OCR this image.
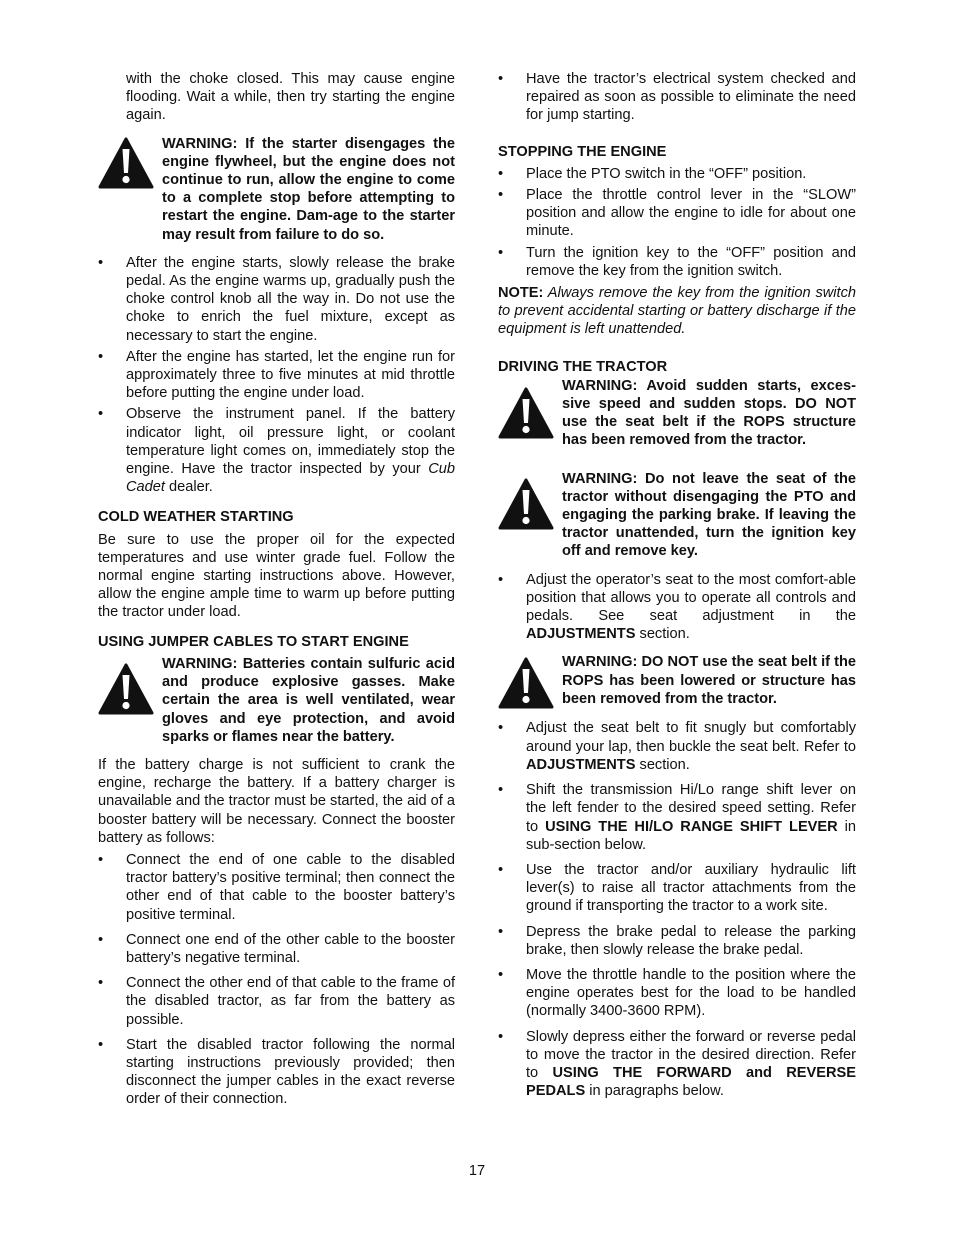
with the choke closed. This may cause engine flooding. Wait a while, then try starting the engine again.

WARNING: If the starter disengages the engine flywheel, but the engine does not continue to run, allow the engine to come to a complete stop before attempting to restart the engine. Dam-age to the starter may result from failure to do so.
• After the engine starts, slowly release the brake pedal. As the engine warms up, gradually push the choke control knob all the way in. Do not use the choke to enrich the fuel mixture, except as necessary to start the engine.
• After the engine has started, let the engine run for approximately three to five minutes at mid throttle before putting the engine under load.
• Observe the instrument panel. If the battery indicator light, oil pressure light, or coolant temperature light comes on, immediately stop the engine. Have the tractor inspected by your Cub Cadet dealer.
COLD WEATHER STARTING

Be sure to use the proper oil for the expected temperatures and use winter grade fuel. Follow the normal engine starting instructions above. However, allow the engine ample time to warm up before putting the tractor under load.

USING JUMPER CABLES TO START ENGINE
WARNING: Batteries contain sulfuric acid and produce explosive gasses. Make certain the area is well ventilated, wear gloves and eye protection, and avoid sparks or flames near the battery.

If the battery charge is not sufficient to crank the engine, recharge the battery. If a battery charger is unavailable and the tractor must be started, the aid of a booster battery will be necessary. Connect the booster battery as follows:

• Connect the end of one cable to the disabled tractor battery’s positive terminal; then connect the other end of that cable to the booster battery’s positive terminal.
• Connect one end of the other cable to the booster battery’s negative terminal.
• Connect the other end of that cable to the frame of the disabled tractor, as far from the battery as possible.
• Start the disabled tractor following the normal starting instructions previously provided; then disconnect the jumper cables in the exact reverse order of their connection.
• Have the tractor’s electrical system checked and repaired as soon as possible to eliminate the need for jump starting.
STOPPING THE ENGINE
• Place the PTO switch in the “OFF” position.
• Place the throttle control lever in the “SLOW” position and allow the engine to idle for about one minute.
• Turn the ignition key to the “OFF” position and remove the key from the ignition switch.

NOTE: Always remove the key from the ignition switch to prevent accidental starting or battery discharge if the equipment is left unattended.

DRIVING THE TRACTOR
WARNING: Avoid sudden starts, exces-sive speed and sudden stops. DO NOT use the seat belt if the ROPS structure has been removed from the tractor.
WARNING: Do not leave the seat of the tractor without disengaging the PTO and engaging the parking brake. If leaving the tractor unattended, turn the ignition key off and remove key.
• Adjust the operator’s seat to the most comfort-able position that allows you to operate all controls and pedals. See seat adjustment in the ADJUSTMENTS section.
WARNING: DO NOT use the seat belt if the ROPS has been lowered or structure has been removed from the tractor.
• Adjust the seat belt to fit snugly but comfortably around your lap, then buckle the seat belt. Refer to ADJUSTMENTS section.
• Shift the transmission Hi/Lo range shift lever on the left fender to the desired speed setting. Refer to USING THE HI/LO RANGE SHIFT LEVER in sub-section below.
• Use the tractor and/or auxiliary hydraulic lift lever(s) to raise all tractor attachments from the ground if transporting the tractor to a work site.
• Depress the brake pedal to release the parking brake, then slowly release the brake pedal.
• Move the throttle handle to the position where the engine operates best for the load to be handled (normally 3400-3600 RPM).
• Slowly depress either the forward or reverse pedal to move the tractor in the desired direction. Refer to USING THE FORWARD and REVERSE PEDALS in paragraphs below.
17
